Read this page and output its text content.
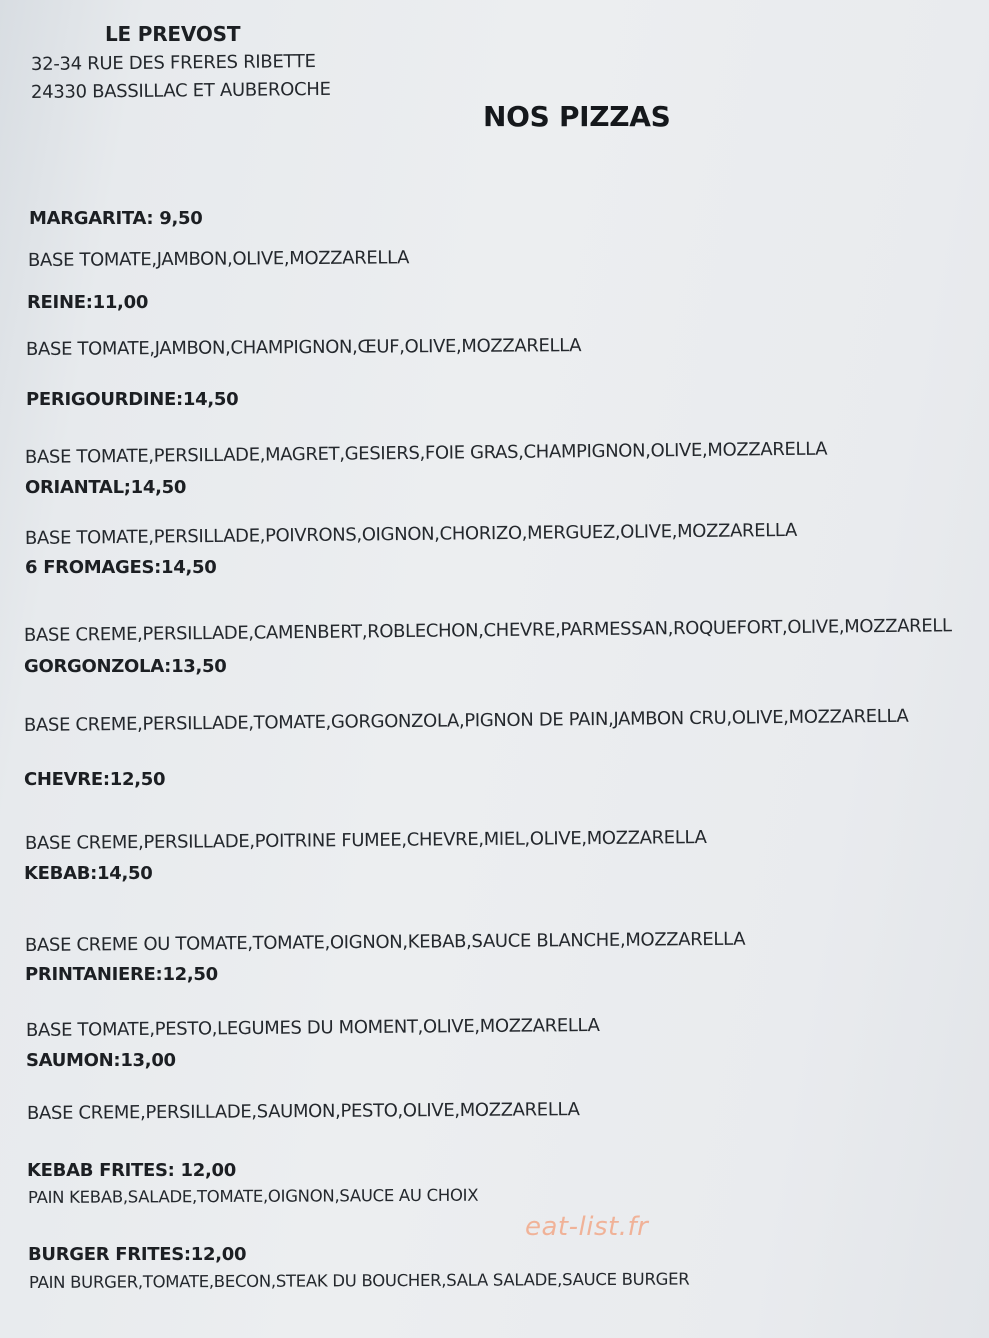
LE PREVOST
32-34 RUE DES FRERES RIBETTE
24330 BASSILLAC ET AUBEROCHE
NOS PIZZAS
MARGARITA: 9,50
BASE TOMATE,JAMBON,OLIVE,MOZZARELLA
REINE:11,00
BASE TOMATE,JAMBON,CHAMPIGNON,ŒUF,OLIVE,MOZZARELLA
PERIGOURDINE:14,50
BASE TOMATE,PERSILLADE,MAGRET,GESIERS,FOIE GRAS,CHAMPIGNON,OLIVE,MOZZARELLA
ORIANTAL;14,50
BASE TOMATE,PERSILLADE,POIVRONS,OIGNON,CHORIZO,MERGUEZ,OLIVE,MOZZARELLA
6 FROMAGES:14,50
BASE CREME,PERSILLADE,CAMENBERT,ROBLECHON,CHEVRE,PARMESSAN,ROQUEFORT,OLIVE,MOZZARELL
GORGONZOLA:13,50
BASE CREME,PERSILLADE,TOMATE,GORGONZOLA,PIGNON DE PAIN,JAMBON CRU,OLIVE,MOZZARELLA
CHEVRE:12,50
BASE CREME,PERSILLADE,POITRINE FUMEE,CHEVRE,MIEL,OLIVE,MOZZARELLA
KEBAB:14,50
BASE CREME OU TOMATE,TOMATE,OIGNON,KEBAB,SAUCE BLANCHE,MOZZARELLA
PRINTANIERE:12,50
BASE TOMATE,PESTO,LEGUMES DU MOMENT,OLIVE,MOZZARELLA
SAUMON:13,00
BASE CREME,PERSILLADE,SAUMON,PESTO,OLIVE,MOZZARELLA
KEBAB FRITES: 12,00
PAIN KEBAB,SALADE,TOMATE,OIGNON,SAUCE AU CHOIX
BURGER FRITES:12,00
PAIN BURGER,TOMATE,BECON,STEAK DU BOUCHER,SALA SALADE,SAUCE BURGER
eat-list.fr
